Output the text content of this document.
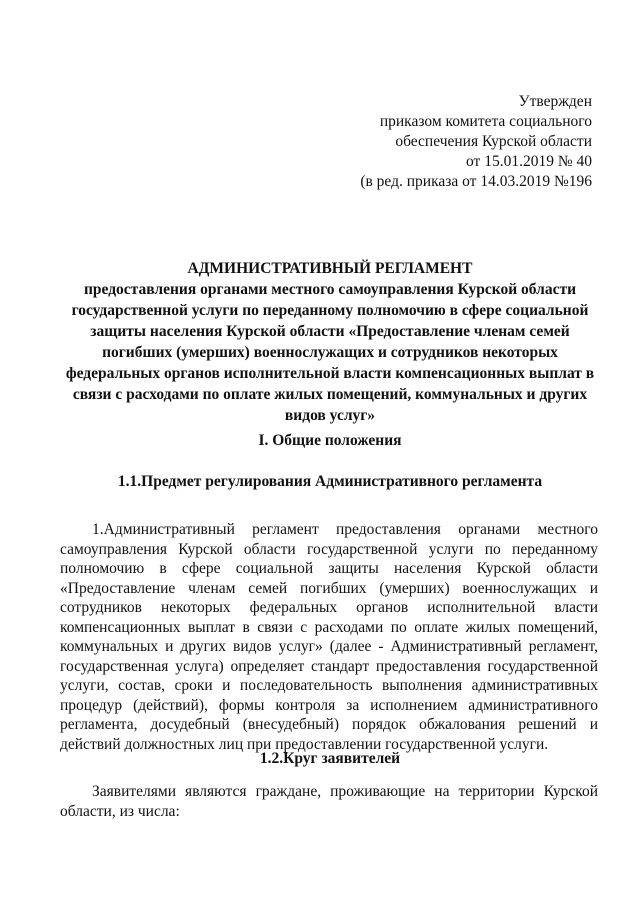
Утвержден
приказом комитета социального
обеспечения Курской области
от 15.01.2019 № 40
(в ред. приказа от 14.03.2019 №196
АДМИНИСТРАТИВНЫЙ РЕГЛАМЕНТ
предоставления органами местного самоуправления Курской области государственной услуги по переданному полномочию в сфере социальной защиты населения Курской области «Предоставление членам семей погибших (умерших) военнослужащих и сотрудников некоторых федеральных органов исполнительной власти компенсационных выплат в связи с расходами по оплате жилых помещений, коммунальных и других видов услуг»
I. Общие положения
1.1.Предмет регулирования Административного регламента
1.Административный регламент предоставления органами местного самоуправления Курской области государственной услуги по переданному полномочию в сфере социальной защиты населения Курской области «Предоставление членам семей погибших (умерших) военнослужащих и сотрудников некоторых федеральных органов исполнительной власти компенсационных выплат в связи с расходами по оплате жилых помещений, коммунальных и других видов услуг» (далее - Административный регламент, государственная услуга) определяет стандарт предоставления государственной услуги, состав, сроки и последовательность выполнения административных процедур (действий), формы контроля за исполнением административного регламента, досудебный (внесудебный) порядок обжалования решений и действий должностных лиц при предоставлении государственной услуги.
1.2.Круг заявителей
Заявителями являются граждане, проживающие на территории Курской области, из числа:
